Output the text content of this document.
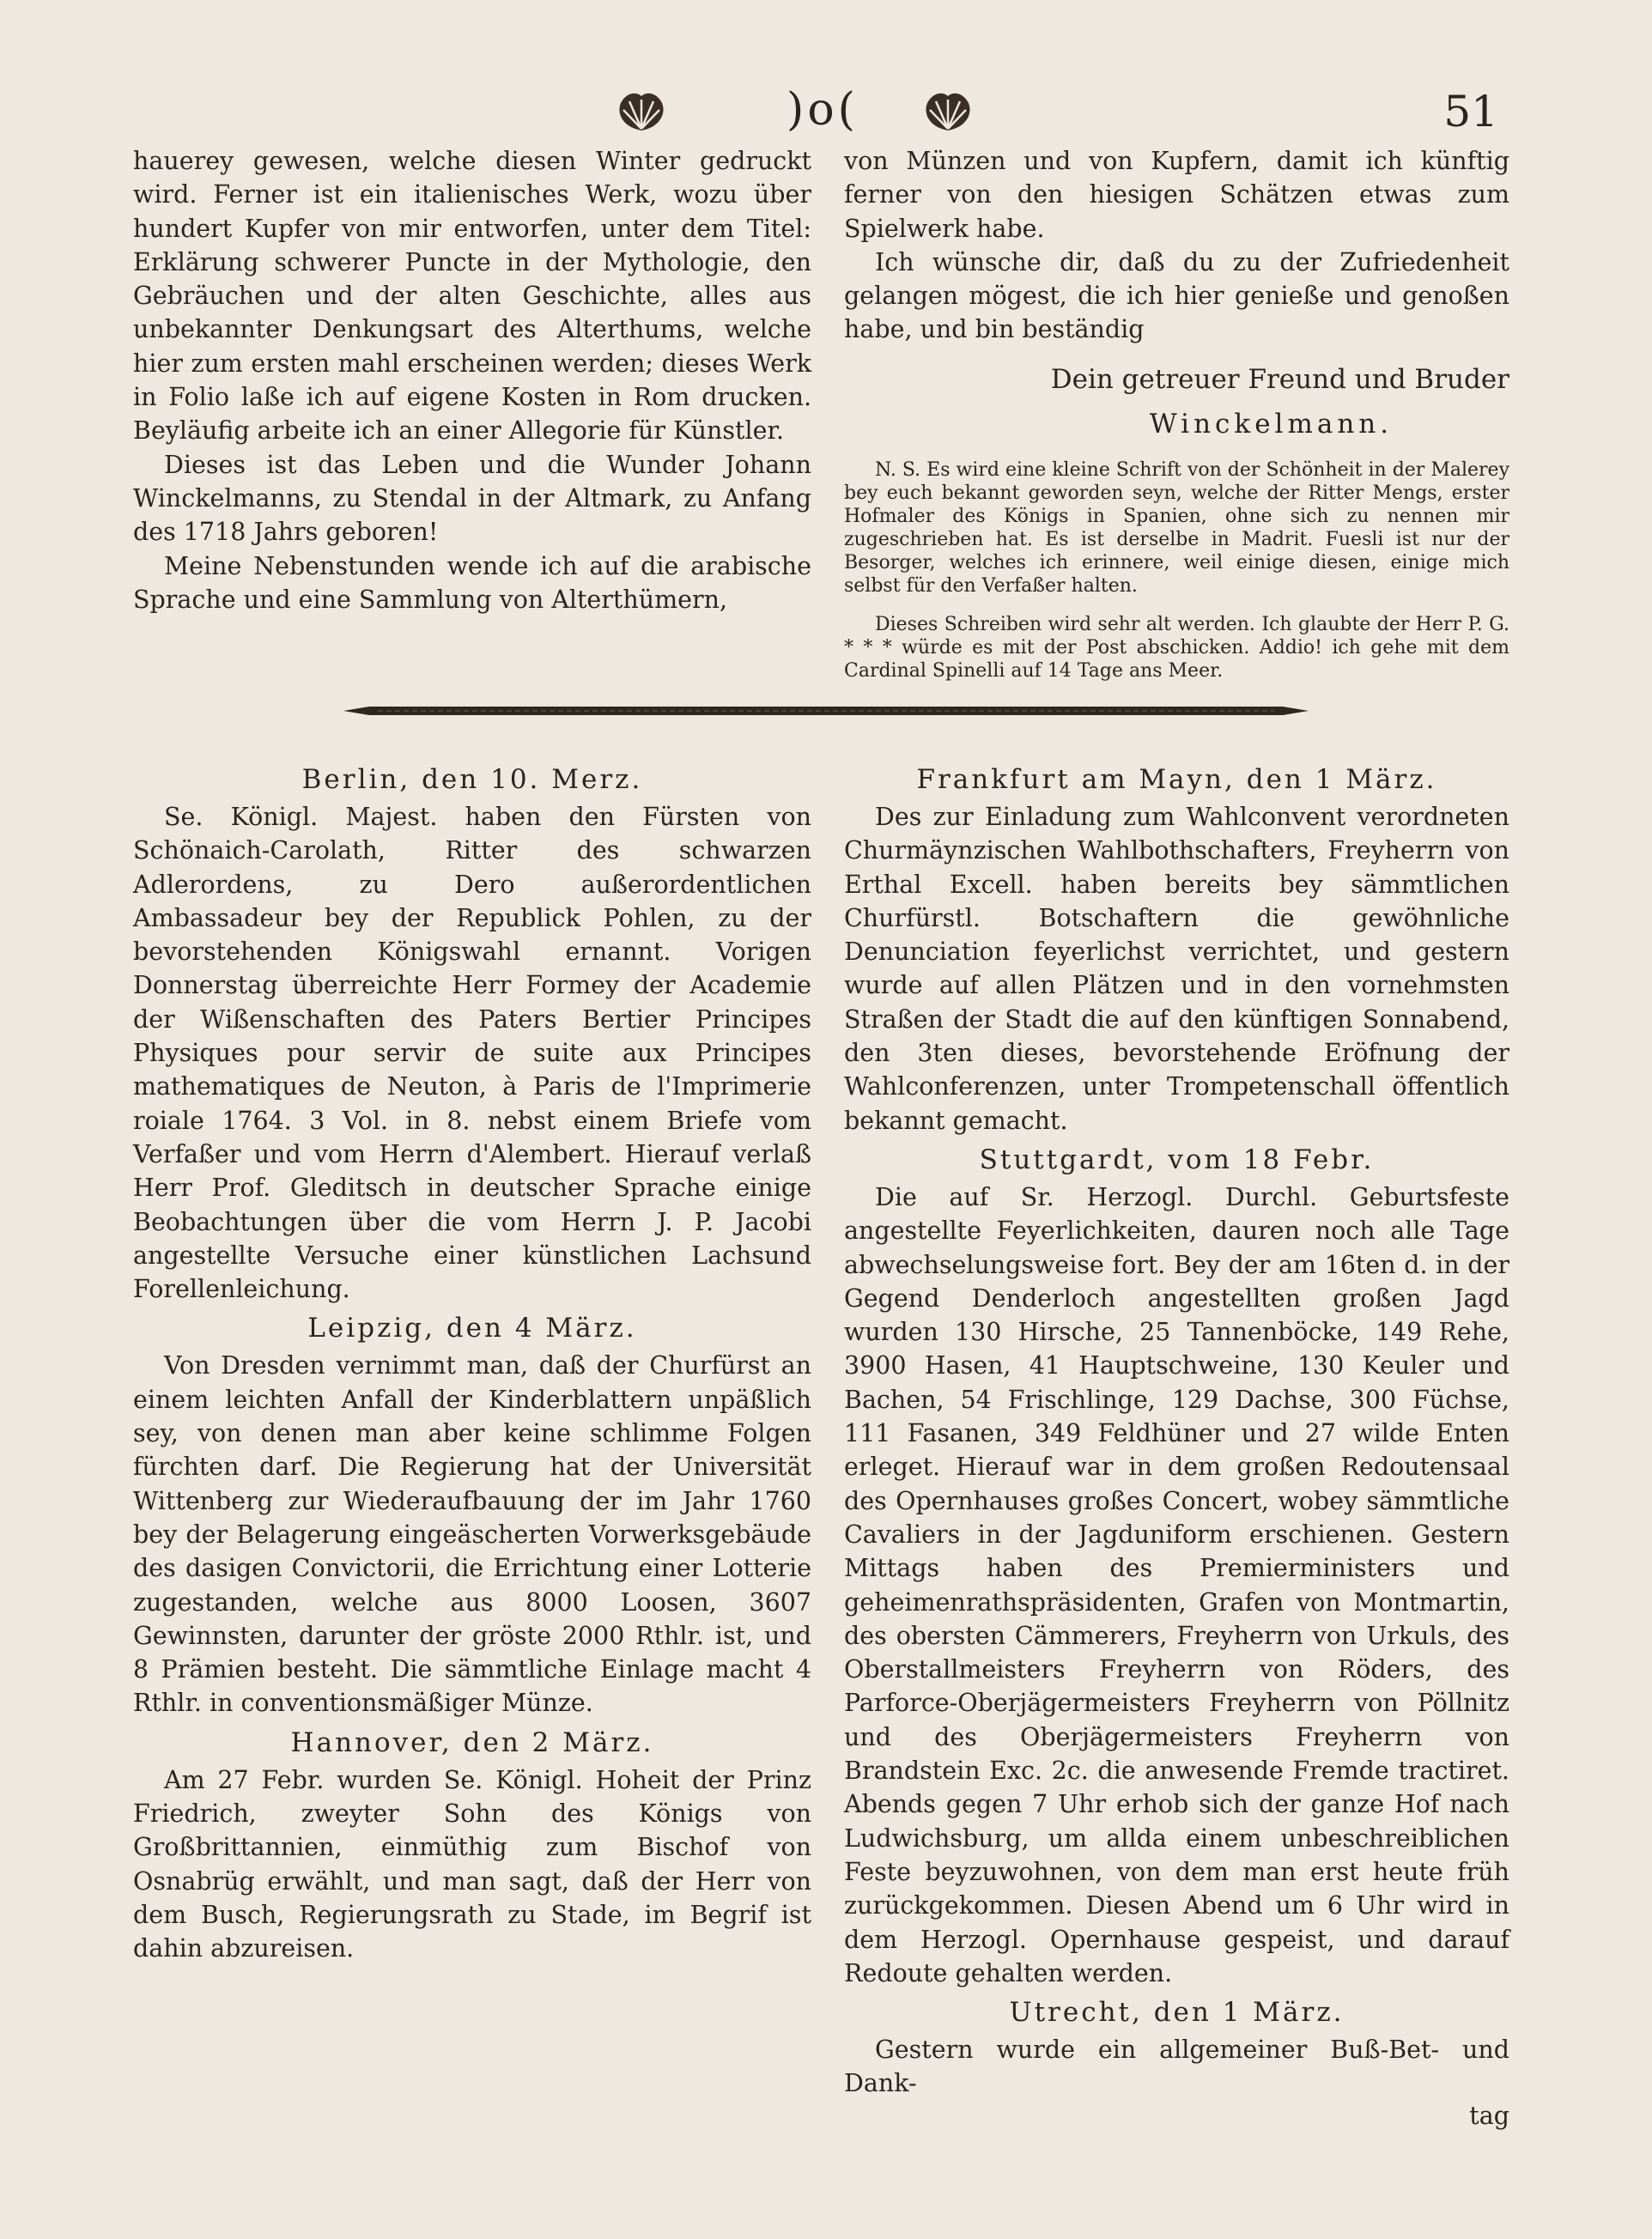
)o(	51

hauerey gewesen, welche diesen Winter gedruckt wird. Ferner ist ein italienisches Werk, wozu über hundert Kupfer von mir entworfen, unter dem Titel: Erklärung schwerer Puncte in der Mythologie, den Gebräuchen und der alten Geschichte, alles aus unbekannter Denkungsart des Alterthums, welche hier zum ersten mahl erscheinen werden; dieses Werk in Folio laße ich auf eigene Kosten in Rom drucken. Beyläufig arbeite ich an einer Allegorie für Künstler.

Dieses ist das Leben und die Wunder Johann Winckelmanns, zu Stendal in der Altmark, zu Anfang des 1718 Jahrs geboren!

Meine Nebenstunden wende ich auf die arabische Sprache und eine Sammlung von Alterthümern,

von Münzen und von Kupfern, damit ich künftig ferner von den hiesigen Schätzen etwas zum Spielwerk habe.

Ich wünsche dir, daß du zu der Zufriedenheit gelangen mögest, die ich hier genieße und genoßen habe, und bin beständig

Dein getreuer Freund und Bruder
Winckelmann.

N. S. Es wird eine kleine Schrift von der Schönheit in der Malerey bey euch bekannt geworden seyn, welche der Ritter Mengs, erster Hofmaler des Königs in Spanien, ohne sich zu nennen mir zugeschrieben hat. Es ist derselbe in Madrit. Fuesli ist nur der Besorger, welches ich erinnere, weil einige diesen, einige mich selbst für den Verfaßer halten.

Dieses Schreiben wird sehr alt werden. Ich glaubte der Herr P. G. * * * würde es mit der Post abschicken. Addio! ich gehe mit dem Cardinal Spinelli auf 14 Tage ans Meer.

Berlin, den 10. Merz.

Se. Königl. Majest. haben den Fürsten von Schönaich-Carolath, Ritter des schwarzen Adlerordens, zu Dero außerordentlichen Ambassadeur bey der Republick Pohlen, zu der bevorstehenden Königswahl ernannt. Vorigen Donnerstag überreichte Herr Formey der Academie der Wißenschaften des Paters Bertier Principes Physiques pour servir de suite aux Principes mathematiques de Neuton, à Paris de l'Imprimerie roiale 1764. 3 Vol. in 8. nebst einem Briefe vom Verfaßer und vom Herrn d'Alembert. Hierauf verlaß Herr Prof. Gleditsch in deutscher Sprache einige Beobachtungen über die vom Herrn J. P. Jacobi angestellte Versuche einer künstlichen Lachsund Forellenleichung.

Leipzig, den 4 März.

Von Dresden vernimmt man, daß der Churfürst an einem leichten Anfall der Kinderblattern unpäßlich sey, von denen man aber keine schlimme Folgen fürchten darf. Die Regierung hat der Universität Wittenberg zur Wiederaufbauung der im Jahr 1760 bey der Belagerung eingeäscherten Vorwerksgebäude des dasigen Convictorii, die Errichtung einer Lotterie zugestanden, welche aus 8000 Loosen, 3607 Gewinnsten, darunter der gröste 2000 Rthlr. ist, und 8 Prämien besteht. Die sämmtliche Einlage macht 4 Rthlr. in conventionsmäßiger Münze.

Hannover, den 2 März.

Am 27 Febr. wurden Se. Königl. Hoheit der Prinz Friedrich, zweyter Sohn des Königs von Großbrittannien, einmüthig zum Bischof von Osnabrüg erwählt, und man sagt, daß der Herr von dem Busch, Regierungsrath zu Stade, im Begrif ist dahin abzureisen.

Frankfurt am Mayn, den 1 März.

Des zur Einladung zum Wahlconvent verordneten Churmäynzischen Wahlbothschafters, Freyherrn von Erthal Excell. haben bereits bey sämmtlichen Churfürstl. Botschaftern die gewöhnliche Denunciation feyerlichst verrichtet, und gestern wurde auf allen Plätzen und in den vornehmsten Straßen der Stadt die auf den künftigen Sonnabend, den 3ten dieses, bevorstehende Eröfnung der Wahlconferenzen, unter Trompetenschall öffentlich bekannt gemacht.

Stuttgardt, vom 18 Febr.

Die auf Sr. Herzogl. Durchl. Geburtsfeste angestellte Feyerlichkeiten, dauren noch alle Tage abwechselungsweise fort. Bey der am 16ten d. in der Gegend Denderloch angestellten großen Jagd wurden 130 Hirsche, 25 Tannenböcke, 149 Rehe, 3900 Hasen, 41 Hauptschweine, 130 Keuler und Bachen, 54 Frischlinge, 129 Dachse, 300 Füchse, 111 Fasanen, 349 Feldhüner und 27 wilde Enten erleget. Hierauf war in dem großen Redoutensaal des Opernhauses großes Concert, wobey sämmtliche Cavaliers in der Jagduniform erschienen. Gestern Mittags haben des Premierministers und geheimenrathspräsidenten, Grafen von Montmartin, des obersten Cämmerers, Freyherrn von Urkuls, des Oberstallmeisters Freyherrn von Röders, des Parforce-Oberjägermeisters Freyherrn von Pöllnitz und des Oberjägermeisters Freyherrn von Brandstein Exc. 2c. die anwesende Fremde tractiret. Abends gegen 7 Uhr erhob sich der ganze Hof nach Ludwichsburg, um allda einem unbeschreiblichen Feste beyzuwohnen, von dem man erst heute früh zurückgekommen. Diesen Abend um 6 Uhr wird in dem Herzogl. Opernhause gespeist, und darauf Redoute gehalten werden.

Utrecht, den 1 März.

Gestern wurde ein allgemeiner Buß-Bet- und Dank-

tag
